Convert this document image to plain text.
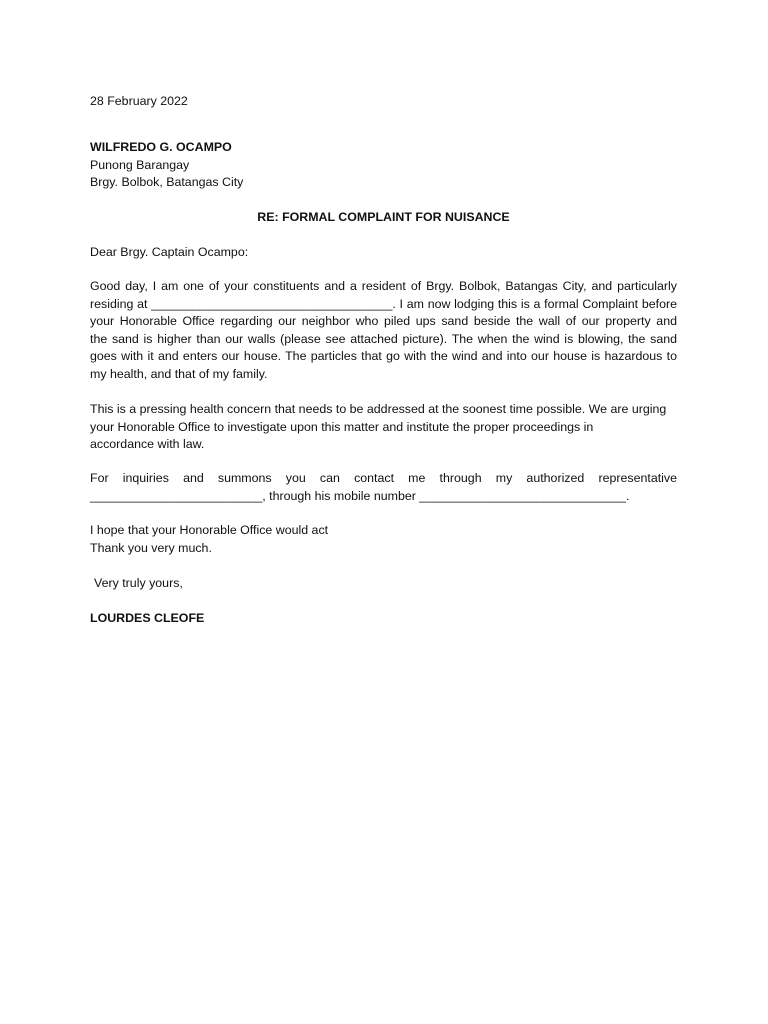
28 February 2022
WILFREDO G. OCAMPO
Punong Barangay
Brgy. Bolbok, Batangas City
RE: FORMAL COMPLAINT FOR NUISANCE
Dear Brgy. Captain Ocampo:
Good day, I am one of your constituents and a resident of Brgy. Bolbok, Batangas City, and particularly
residing at ___________________________________. I am now lodging this is a formal Complaint before
your Honorable Office regarding our neighbor who piled ups sand beside the wall of our property and
the sand is higher than our walls (please see attached picture). The when the wind is blowing, the sand
goes with it and enters our house. The particles that go with the wind and into our house is hazardous to
my health, and that of my family.
This is a pressing health concern that needs to be addressed at the soonest time possible. We are urging
your Honorable Office to investigate upon this matter and institute the proper proceedings in
accordance with law.
For inquiries and summons you can contact me through my authorized representative
_________________________, through his mobile number ______________________________.
I hope that your Honorable Office would act
Thank you very much.
Very truly yours,
LOURDES CLEOFE
